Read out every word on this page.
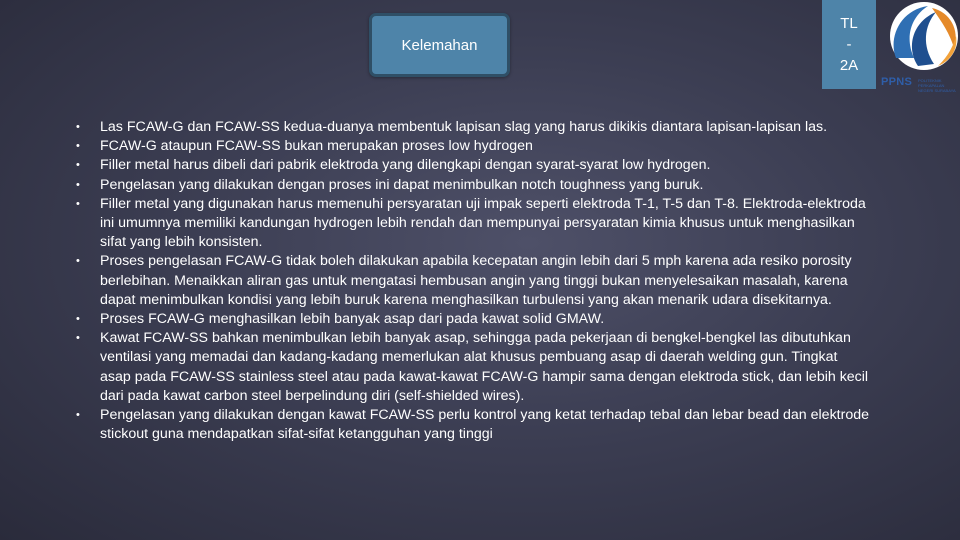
Kelemahan
TL
-
2A
PPNS POLITEKNIK PERKAPALAN NEGERI SURABAYA
• Las FCAW-G dan FCAW-SS kedua-duanya membentuk lapisan slag yang harus dikikis diantara lapisan-lapisan las.
• FCAW-G ataupun FCAW-SS bukan merupakan proses low hydrogen
• Filler metal harus dibeli dari pabrik elektroda yang dilengkapi dengan syarat-syarat low hydrogen.
• Pengelasan yang dilakukan dengan proses ini dapat menimbulkan notch toughness yang buruk.
• Filler metal yang digunakan harus memenuhi persyaratan uji impak seperti elektroda T-1, T-5 dan T-8. Elektroda-elektroda ini umumnya memiliki kandungan hydrogen lebih rendah dan mempunyai persyaratan kimia khusus untuk menghasilkan sifat yang lebih konsisten.
• Proses pengelasan FCAW-G tidak boleh dilakukan apabila kecepatan angin lebih dari 5 mph karena ada resiko porosity berlebihan. Menaikkan aliran gas untuk mengatasi hembusan angin yang tinggi bukan menyelesaikan masalah, karena dapat menimbulkan kondisi yang lebih buruk karena menghasilkan turbulensi yang akan menarik udara disekitarnya.
• Proses FCAW-G menghasilkan lebih banyak asap dari pada kawat solid GMAW.
• Kawat FCAW-SS bahkan menimbulkan lebih banyak asap, sehingga pada pekerjaan di bengkel-bengkel las dibutuhkan ventilasi yang memadai dan kadang-kadang memerlukan alat khusus pembuang asap di daerah welding gun. Tingkat asap pada FCAW-SS stainless steel atau pada kawat-kawat FCAW-G hampir sama dengan elektroda stick, dan lebih kecil dari pada kawat carbon steel berpelindung diri (self-shielded wires).
• Pengelasan yang dilakukan dengan kawat FCAW-SS perlu kontrol yang ketat terhadap tebal dan lebar bead dan elektrode stickout guna mendapatkan sifat-sifat ketangguhan yang tinggi
